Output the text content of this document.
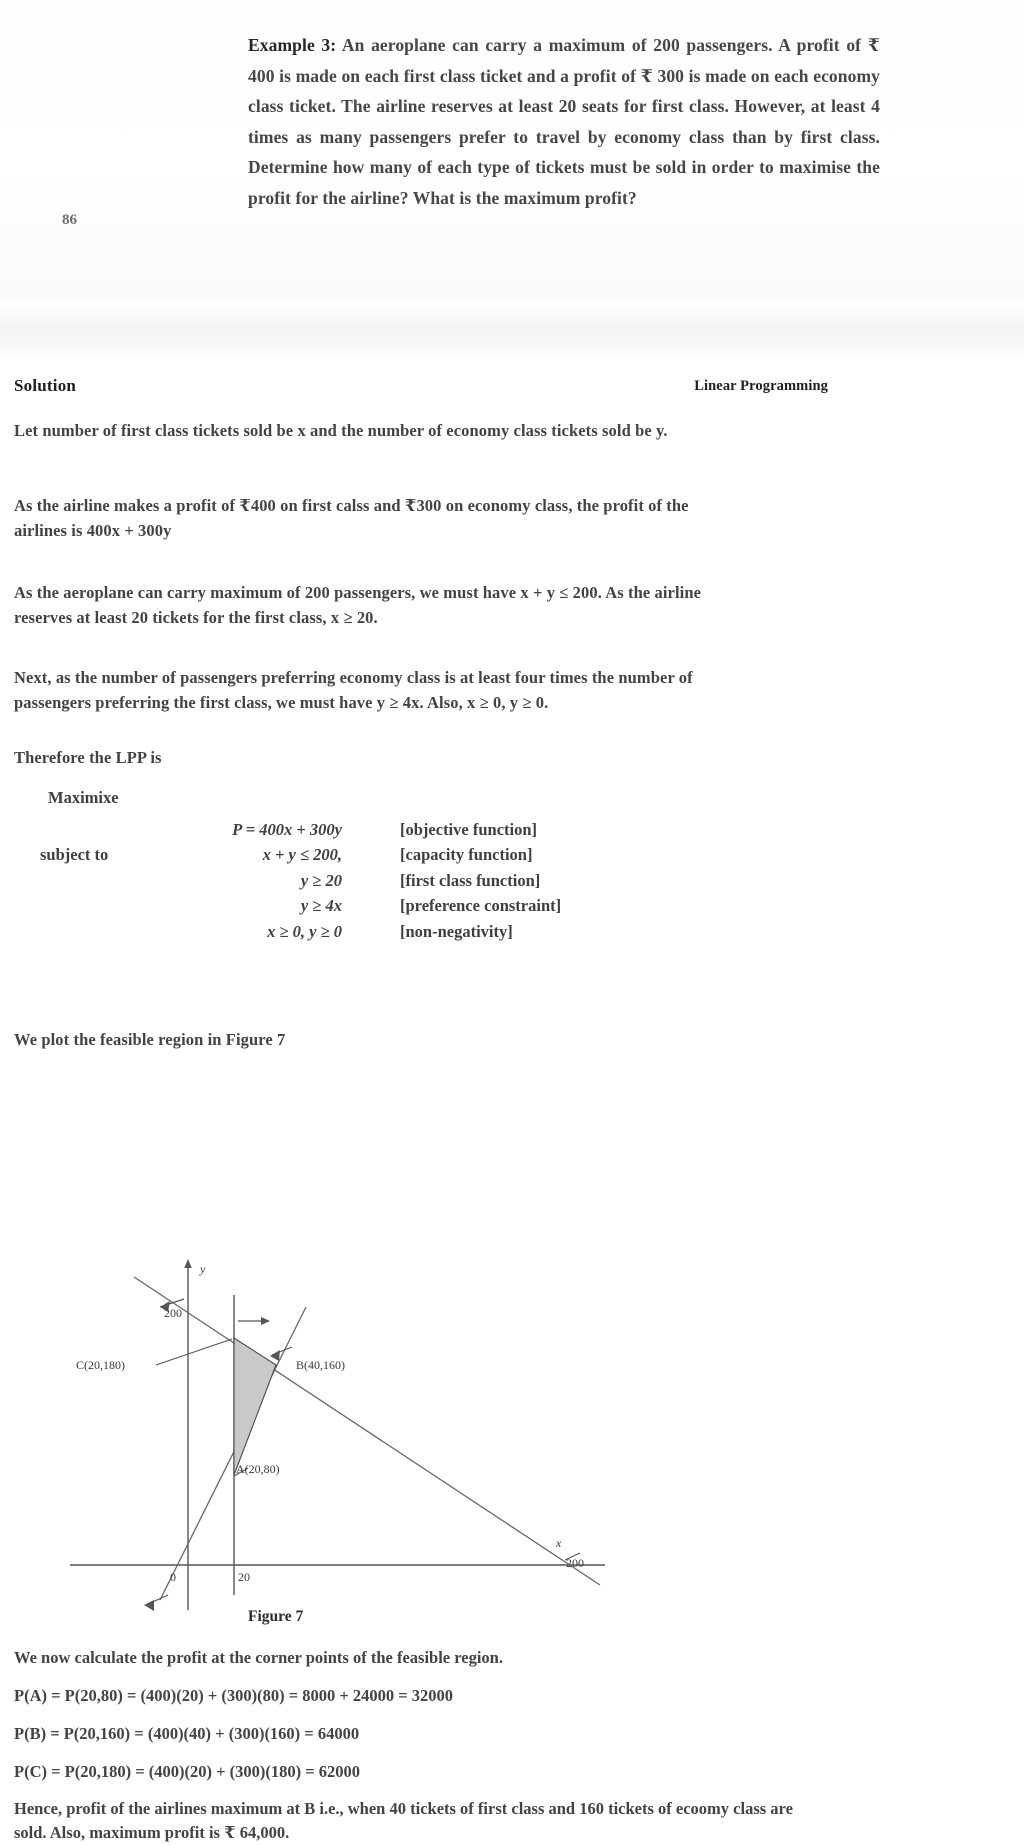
Example 3: An aeroplane can carry a maximum of 200 passengers. A profit of ₹ 400 is made on each first class ticket and a profit of ₹ 300 is made on each economy class ticket. The airline reserves at least 20 seats for first class. However, at least 4 times as many passengers prefer to travel by economy class than by first class. Determine how many of each type of tickets must be sold in order to maximise the profit for the airline? What is the maximum profit?
86
Solution	Linear Programming
Let number of first class tickets sold be x and the number of economy class tickets sold be y.
As the airline makes a profit of ₹400 on first calss and ₹300 on economy class, the profit of the airlines is 400x + 300y
As the aeroplane can carry maximum of 200 passengers, we must have x + y ≤ 200. As the airline reserves at least 20 tickets for the first class, x ≥ 20.
Next, as the number of passengers preferring economy class is at least four times the number of passengers preferring the first class, we must have y ≥ 4x. Also, x ≥ 0, y ≥ 0.
Therefore the LPP is
Maximixe
P = 400x + 300y	[objective function]
subject to	x + y ≤ 200,	[capacity function]
y ≥ 20	[first class function]
y ≥ 4x	[preference constraint]
x ≥ 0, y ≥ 0	[non-negativity]
We plot the feasible region in Figure 7
y
x
200
0	20
200
C(20,180)	B(40,160)
A(20,80)
Figure 7
We now calculate the profit at the corner points of the feasible region.
P(A) = P(20,80) = (400)(20) + (300)(80) = 8000 + 24000 = 32000
P(B) = P(20,160) = (400)(40) + (300)(160) = 64000
P(C) = P(20,180) = (400)(20) + (300)(180) = 62000
Hence, profit of the airlines maximum at B i.e., when 40 tickets of first class and 160 tickets of ecoomy class are sold. Also, maximum profit is ₹ 64,000.
